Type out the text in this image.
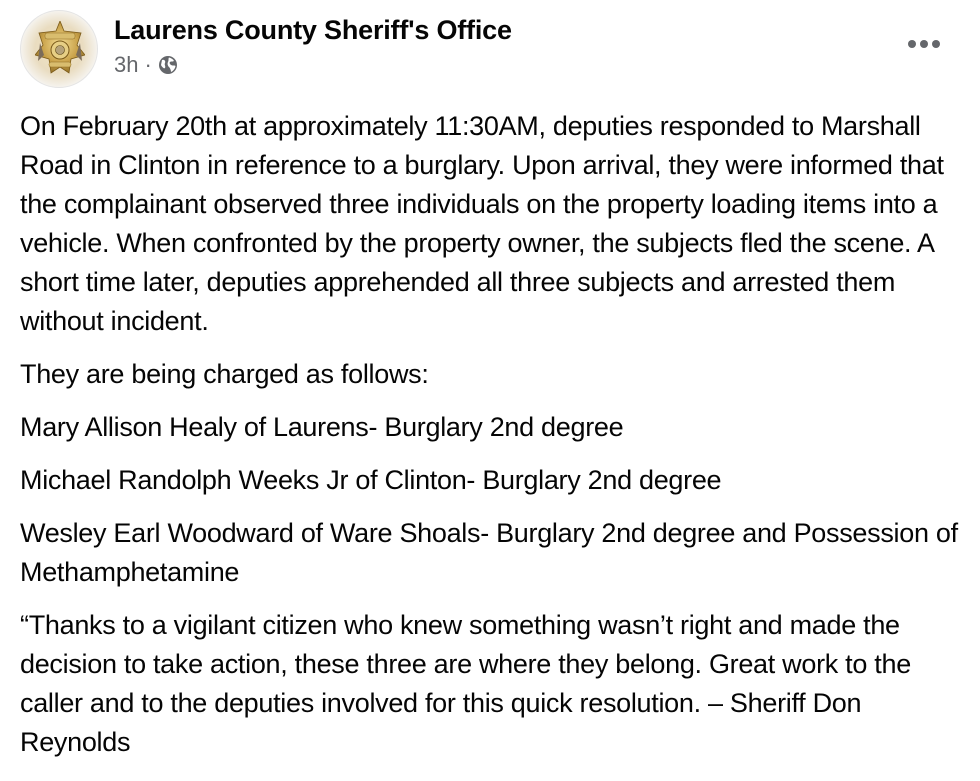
Laurens County Sheriff's Office
3h ·

On February 20th at approximately 11:30AM, deputies responded to Marshall Road in Clinton in reference to a burglary. Upon arrival, they were informed that the complainant observed three individuals on the property loading items into a vehicle. When confronted by the property owner, the subjects fled the scene. A short time later, deputies apprehended all three subjects and arrested them without incident.

They are being charged as follows:

Mary Allison Healy of Laurens- Burglary 2nd degree

Michael Randolph Weeks Jr of Clinton- Burglary 2nd degree

Wesley Earl Woodward of Ware Shoals- Burglary 2nd degree and Possession of Methamphetamine

“Thanks to a vigilant citizen who knew something wasn’t right and made the decision to take action, these three are where they belong. Great work to the caller and to the deputies involved for this quick resolution. – Sheriff Don Reynolds
